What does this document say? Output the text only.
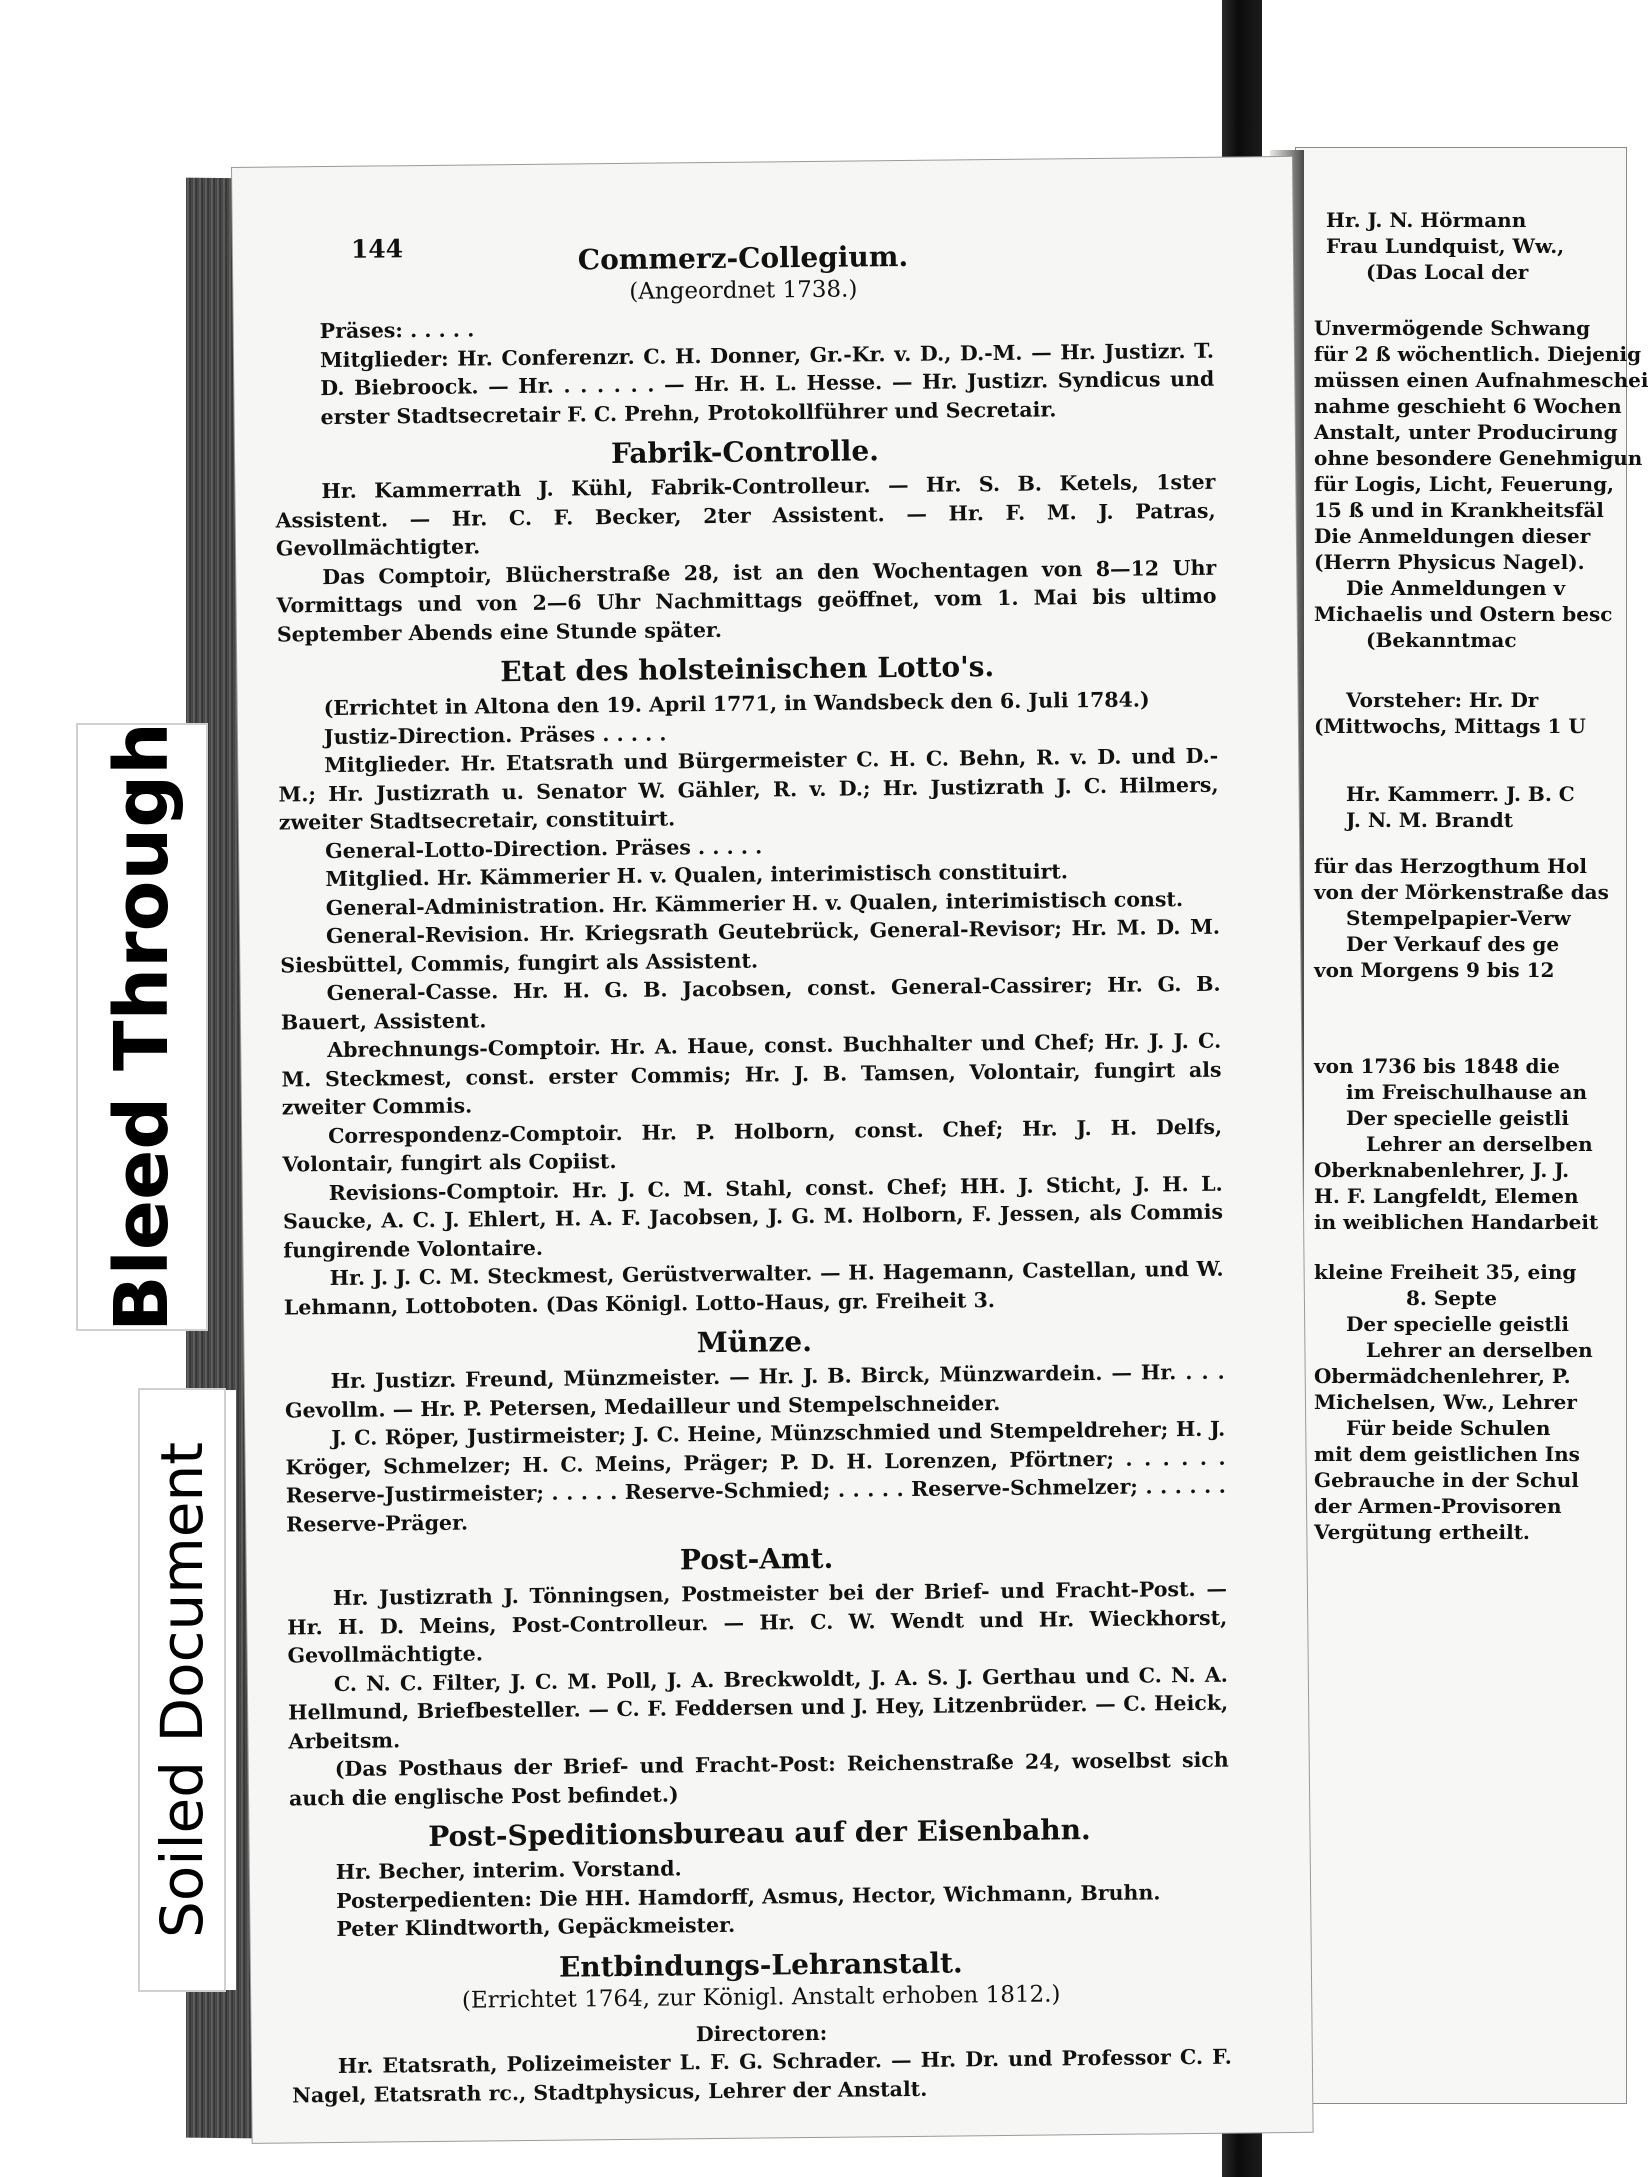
Hr. J. N. Hörmann
Frau Lundquist, Ww.,
(Das Local der
Unvermögende Schwang
für 2 ß wöchentlich. Diejenig
müssen einen Aufnahmeschei
nahme geschieht 6 Wochen
Anstalt, unter Producirung
ohne besondere Genehmigun
für Logis, Licht, Feuerung,
15 ß und in Krankheitsfäl
Die Anmeldungen dieser
(Herrn Physicus Nagel).
Die Anmeldungen v
Michaelis und Ostern besc
(Bekanntmac
Vorsteher: Hr. Dr
(Mittwochs, Mittags 1 U
Hr. Kammerr. J. B. C
J. N. M. Brandt
für das Herzogthum Hol
von der Mörkenstraße das
Stempelpapier-Verw
Der Verkauf des ge
von Morgens 9 bis 12
von 1736 bis 1848 die
im Freischulhause an
Der specielle geistli
Lehrer an derselben
Oberknabenlehrer, J. J.
H. F. Langfeldt, Elemen
in weiblichen Handarbeit
kleine Freiheit 35, eing
8. Septe
Der specielle geistli
Lehrer an derselben
Obermädchenlehrer, P.
Michelsen, Ww., Lehrer
Für beide Schulen
mit dem geistlichen Ins
Gebrauche in der Schul
der Armen-Provisoren
Vergütung ertheilt.
144	Commerz-Collegium.

(Angeordnet 1738.)

Präses: . . . . .

Mitglieder: Hr. Conferenzr. C. H. Donner, Gr.-Kr. v. D., D.-M. — Hr. Justizr. T. D. Biebroock. — Hr. . . . . . . — Hr. H. L. Hesse. — Hr. Justizr. Syndicus und erster Stadtsecretair F. C. Prehn, Protokollführer und Secretair.

Fabrik-Controlle.

Hr. Kammerrath J. Kühl, Fabrik-Controlleur. — Hr. S. B. Ketels, 1ster Assistent. — Hr. C. F. Becker, 2ter Assistent. — Hr. F. M. J. Patras, Gevollmächtigter.

Das Comptoir, Blücherstraße 28, ist an den Wochentagen von 8—12 Uhr Vormittags und von 2—6 Uhr Nachmittags geöffnet, vom 1. Mai bis ultimo September Abends eine Stunde später.

Etat des holsteinischen Lotto's.

(Errichtet in Altona den 19. April 1771, in Wandsbeck den 6. Juli 1784.)

Justiz-Direction. Präses . . . . .

Mitglieder. Hr. Etatsrath und Bürgermeister C. H. C. Behn, R. v. D. und D.-M.; Hr. Justizrath u. Senator W. Gähler, R. v. D.; Hr. Justizrath J. C. Hilmers, zweiter Stadtsecretair, constituirt.

General-Lotto-Direction. Präses . . . . .

Mitglied. Hr. Kämmerier H. v. Qualen, interimistisch constituirt.

General-Administration. Hr. Kämmerier H. v. Qualen, interimistisch const.

General-Revision. Hr. Kriegsrath Geutebrück, General-Revisor; Hr. M. D. M. Siesbüttel, Commis, fungirt als Assistent.

General-Casse. Hr. H. G. B. Jacobsen, const. General-Cassirer; Hr. G. B. Bauert, Assistent.

Abrechnungs-Comptoir. Hr. A. Haue, const. Buchhalter und Chef; Hr. J. J. C. M. Steckmest, const. erster Commis; Hr. J. B. Tamsen, Volontair, fungirt als zweiter Commis.

Correspondenz-Comptoir. Hr. P. Holborn, const. Chef; Hr. J. H. Delfs, Volontair, fungirt als Copiist.

Revisions-Comptoir. Hr. J. C. M. Stahl, const. Chef; HH. J. Sticht, J. H. L. Saucke, A. C. J. Ehlert, H. A. F. Jacobsen, J. G. M. Holborn, F. Jessen, als Commis fungirende Volontaire.

Hr. J. J. C. M. Steckmest, Gerüstverwalter. — H. Hagemann, Castellan, und W. Lehmann, Lottoboten. (Das Königl. Lotto-Haus, gr. Freiheit 3.

Münze.

Hr. Justizr. Freund, Münzmeister. — Hr. J. B. Birck, Münzwardein. — Hr. . . . Gevollm. — Hr. P. Petersen, Medailleur und Stempelschneider.

J. C. Röper, Justirmeister; J. C. Heine, Münzschmied und Stempeldreher; H. J. Kröger, Schmelzer; H. C. Meins, Präger; P. D. H. Lorenzen, Pförtner; . . . . . . Reserve-Justirmeister; . . . . . Reserve-Schmied; . . . . . Reserve-Schmelzer; . . . . . . Reserve-Präger.

Post-Amt.

Hr. Justizrath J. Tönningsen, Postmeister bei der Brief- und Fracht-Post. — Hr. H. D. Meins, Post-Controlleur. — Hr. C. W. Wendt und Hr. Wieckhorst, Gevollmächtigte.

C. N. C. Filter, J. C. M. Poll, J. A. Breckwoldt, J. A. S. J. Gerthau und C. N. A. Hellmund, Briefbesteller. — C. F. Feddersen und J. Hey, Litzenbrüder. — C. Heick, Arbeitsm.

(Das Posthaus der Brief- und Fracht-Post: Reichenstraße 24, woselbst sich auch die englische Post befindet.)

Post-Speditionsbureau auf der Eisenbahn.

Hr. Becher, interim. Vorstand.

Posterpedienten: Die HH. Hamdorff, Asmus, Hector, Wichmann, Bruhn.

Peter Klindtworth, Gepäckmeister.

Entbindungs-Lehranstalt.

(Errichtet 1764, zur Königl. Anstalt erhoben 1812.)

Directoren:

Hr. Etatsrath, Polizeimeister L. F. G. Schrader. — Hr. Dr. und Professor C. F. Nagel, Etatsrath rc., Stadtphysicus, Lehrer der Anstalt.

Bleed Through
Soiled Document
